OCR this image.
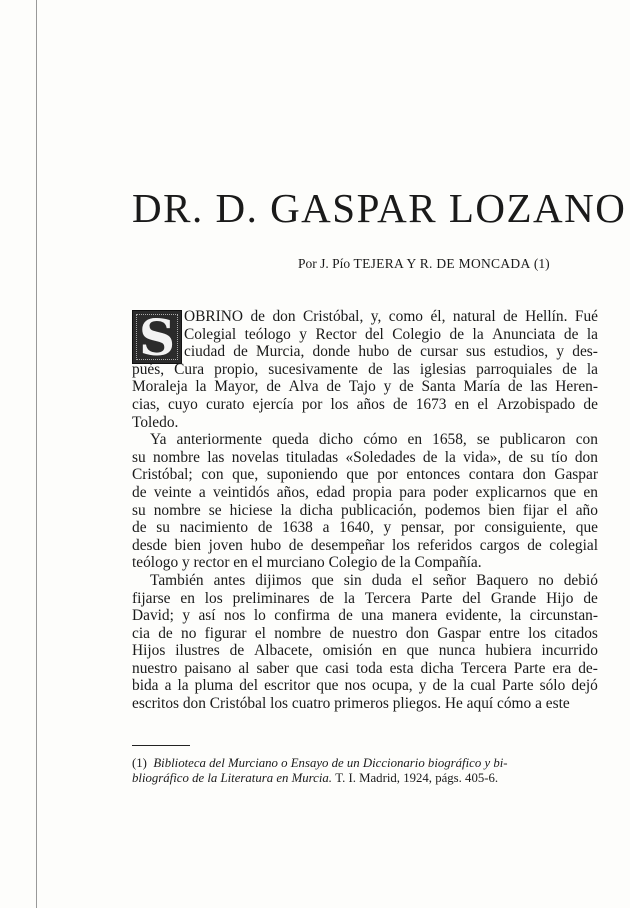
DR. D. GASPAR LOZANO
Por J. Pío TEJERA Y R. DE MONCADA (1)
S OBRINO de don Cristóbal, y, como él, natural de Hellín. Fué
Colegial teólogo y Rector del Colegio de la Anunciata de la
ciudad de Murcia, donde hubo de cursar sus estudios, y des-
pués, Cura propio, sucesivamente de las iglesias parroquiales de la
Moraleja la Mayor, de Alva de Tajo y de Santa María de las Heren-
cias, cuyo curato ejercía por los años de 1673 en el Arzobispado de
Toledo.
Ya anteriormente queda dicho cómo en 1658, se publicaron con
su nombre las novelas tituladas «Soledades de la vida», de su tío don
Cristóbal; con que, suponiendo que por entonces contara don Gaspar
de veinte a veintidós años, edad propia para poder explicarnos que en
su nombre se hiciese la dicha publicación, podemos bien fijar el año
de su nacimiento de 1638 a 1640, y pensar, por consiguiente, que
desde bien joven hubo de desempeñar los referidos cargos de colegial
teólogo y rector en el murciano Colegio de la Compañía.
También antes dijimos que sin duda el señor Baquero no debió
fijarse en los preliminares de la Tercera Parte del Grande Hijo de
David; y así nos lo confirma de una manera evidente, la circunstan-
cia de no figurar el nombre de nuestro don Gaspar entre los citados
Hijos ilustres de Albacete, omisión en que nunca hubiera incurrido
nuestro paisano al saber que casi toda esta dicha Tercera Parte era de-
bida a la pluma del escritor que nos ocupa, y de la cual Parte sólo dejó
escritos don Cristóbal los cuatro primeros pliegos. He aquí cómo a este
(1) Biblioteca del Murciano o Ensayo de un Diccionario biográfico y bi-
bliográfico de la Literatura en Murcia.
T. I. Madrid, 1924, págs. 405-6.
